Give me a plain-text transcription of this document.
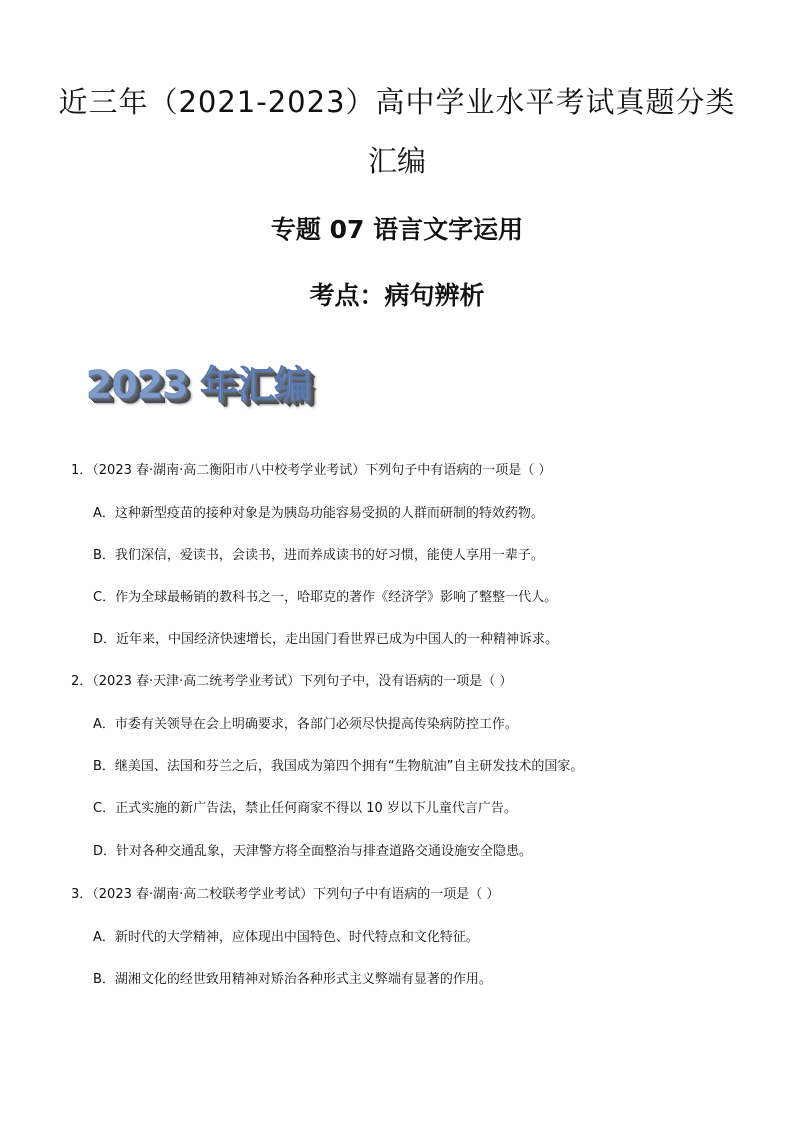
近三年（2021-2023）高中学业水平考试真题分类
汇编
专题 07 语言文字运用
考点：病句辨析
2023 年汇编
1．（2023 春·湖南·高二衡阳市八中校考学业考试）下列句子中有语病的一项是（ ）
A．这种新型疫苗的接种对象是为胰岛功能容易受损的人群而研制的特效药物。
B．我们深信，爱读书，会读书，进而养成读书的好习惯，能使人享用一辈子。
C．作为全球最畅销的教科书之一，哈耶克的著作《经济学》影响了整整一代人。
D．近年来，中国经济快速增长，走出国门看世界已成为中国人的一种精神诉求。
2．（2023 春·天津·高二统考学业考试）下列句子中，没有语病的一项是（ ）
A．市委有关领导在会上明确要求，各部门必须尽快提高传染病防控工作。
B．继美国、法国和芬兰之后，我国成为第四个拥有“生物航油”自主研发技术的国家。
C．正式实施的新广告法，禁止任何商家不得以 10 岁以下儿童代言广告。
D．针对各种交通乱象，天津警方将全面整治与排查道路交通设施安全隐患。
3．（2023 春·湖南·高二校联考学业考试）下列句子中有语病的一项是（ ）
A．新时代的大学精神，应体现出中国特色、时代特点和文化特征。
B．湖湘文化的经世致用精神对矫治各种形式主义弊端有显著的作用。
